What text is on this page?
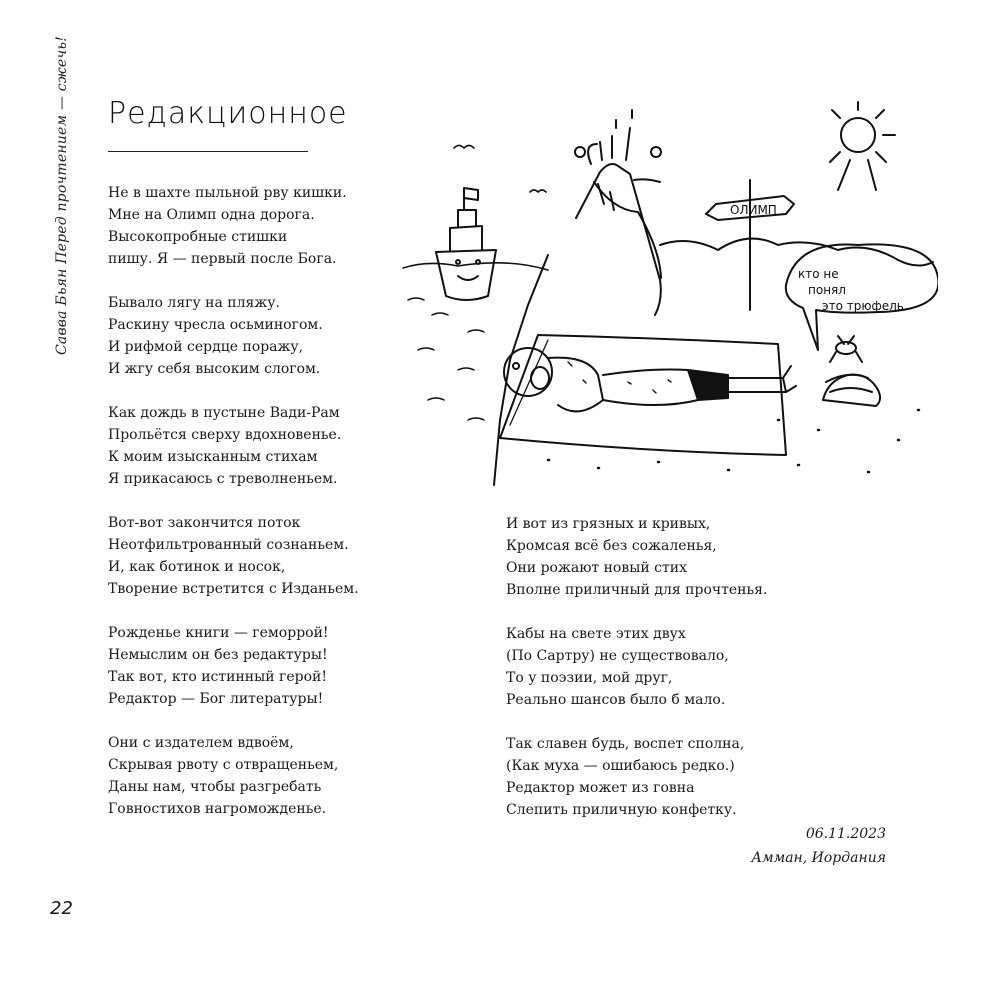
Савва Бьян Перед прочтением — сжечь! Редакционное
Не в шахте пыльной рву кишки.
Мне на Олимп одна дорога.
Высокопробные стишки
пишу. Я — первый после Бога.
Бывало лягу на пляжу.
Раскину чресла осьминогом.
И рифмой сердце поражу,
И жгу себя высоким слогом.
Как дождь в пустыне Вади-Рам
Прольётся сверху вдохновенье.
К моим изысканным стихам
Я прикасаюсь с треволненьем.
Вот-вот закончится поток
Неотфильтрованный сознаньем.
И, как ботинок и носок,
Творение встретится с Изданьем.
Рожденье книги — геморрой!
Немыслим он без редактуры!
Так вот, кто истинный герой!
Редактор — Бог литературы!
Они с издателем вдвоём,
Скрывая рвоту с отвращеньем,
Даны нам, чтобы разгребать
Говностихов нагроможденье.
И вот из грязных и кривых,
Кромсая всё без сожаленья,
Они рожают новый стих
Вполне приличный для прочтенья.
Кабы на свете этих двух
(По Сартру) не существовало,
То у поэзии, мой друг,
Реально шансов было б мало.
Так славен будь, воспет сполна,
(Как муха — ошибаюсь редко.)
Редактор может из говна
Слепить приличную конфетку.
06.11.2023
Амман, Иордания
22
ОЛИМП
кто не
понял
это трюфель
